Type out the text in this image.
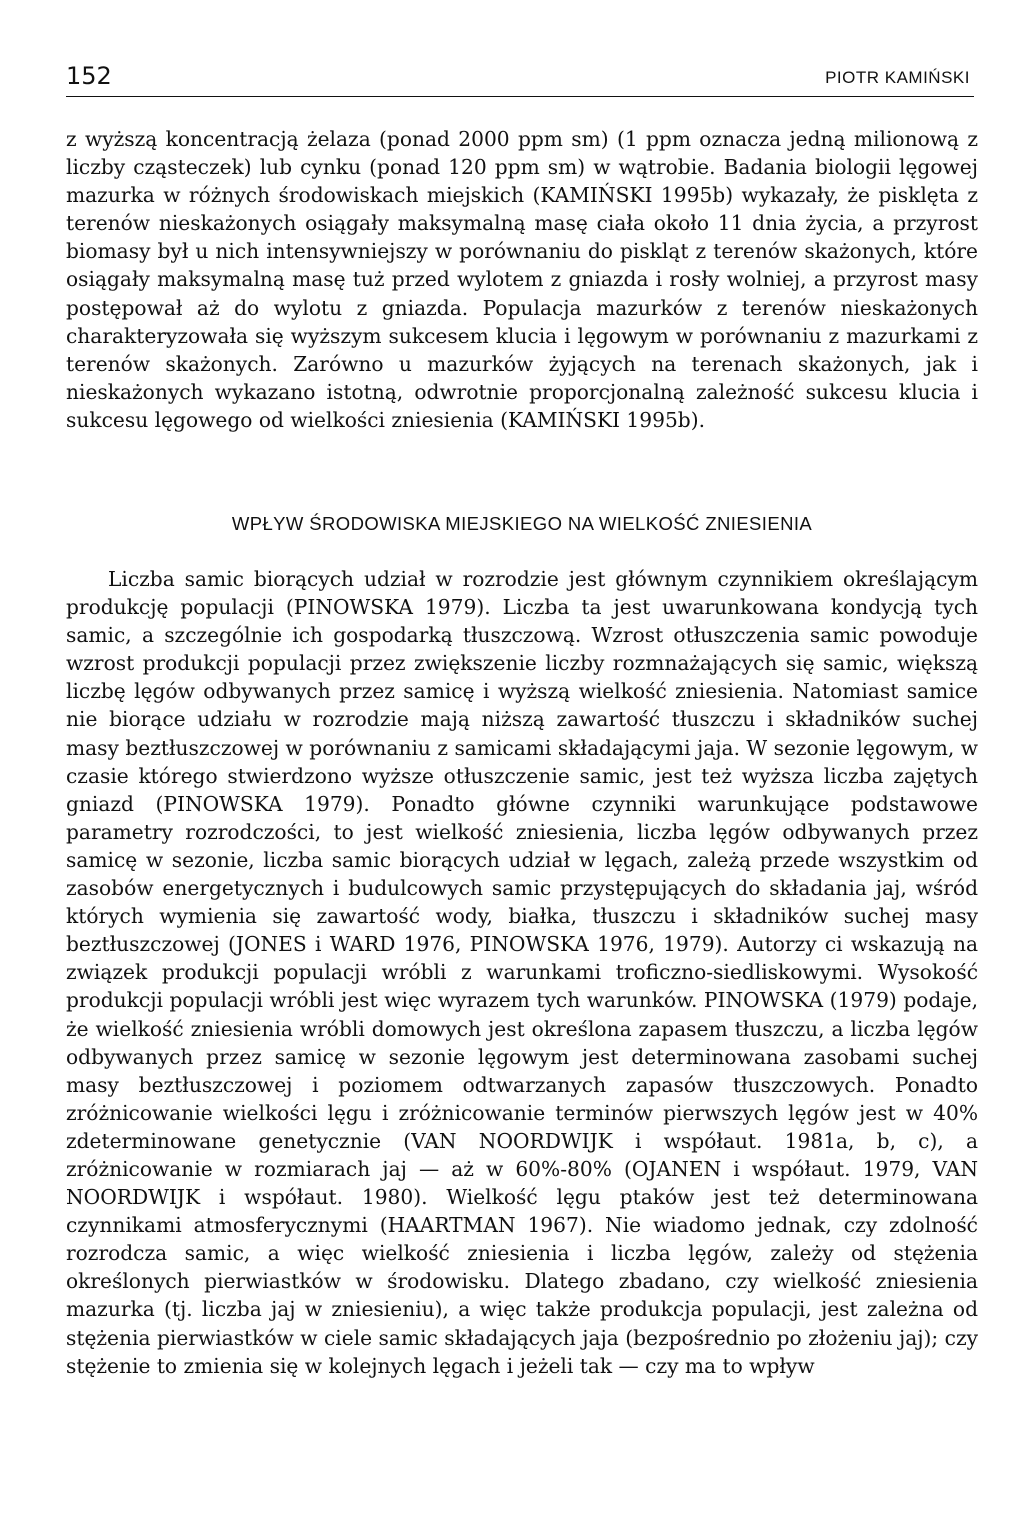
152	PIOTR KAMIŃSKI

z wyższą koncentracją żelaza (ponad 2000 ppm sm) (1 ppm oznacza jedną milionową z liczby cząsteczek) lub cynku (ponad 120 ppm sm) w wątrobie. Badania biologii lęgowej mazurka w różnych środowiskach miejskich (KAMIŃSKI 1995b) wykazały, że pisklęta z terenów nieskażonych osiągały maksymalną masę ciała około 11 dnia życia, a przyrost biomasy był u nich intensywniejszy w porównaniu do piskląt z terenów skażonych, które osiągały maksymalną masę tuż przed wylotem z gniazda i rosły wolniej, a przyrost masy postępował aż do wylotu z gniazda. Populacja mazurków z terenów nieskażonych charakteryzowała się wyższym sukcesem klucia i lęgowym w porównaniu z mazurkami z terenów skażonych. Zarówno u mazurków żyjących na terenach skażonych, jak i nieskażonych wykazano istotną, odwrotnie proporcjonalną zależność sukcesu klucia i sukcesu lęgowego od wielkości zniesienia (KAMIŃSKI 1995b).

WPŁYW ŚRODOWISKA MIEJSKIEGO NA WIELKOŚĆ ZNIESIENIA

Liczba samic biorących udział w rozrodzie jest głównym czynnikiem określającym produkcję populacji (PINOWSKA 1979). Liczba ta jest uwarunkowana kondycją tych samic, a szczególnie ich gospodarką tłuszczową. Wzrost otłuszczenia samic powoduje wzrost produkcji populacji przez zwiększenie liczby rozmnażających się samic, większą liczbę lęgów odbywanych przez samicę i wyższą wielkość zniesienia. Natomiast samice nie biorące udziału w rozrodzie mają niższą zawartość tłuszczu i składników suchej masy beztłuszczowej w porównaniu z samicami składającymi jaja. W sezonie lęgowym, w czasie którego stwierdzono wyższe otłuszczenie samic, jest też wyższa liczba zajętych gniazd (PINOWSKA 1979). Ponadto główne czynniki warunkujące podstawowe parametry rozrodczości, to jest wielkość zniesienia, liczba lęgów odbywanych przez samicę w sezonie, liczba samic biorących udział w lęgach, zależą przede wszystkim od zasobów energetycznych i budulcowych samic przystępujących do składania jaj, wśród których wymienia się zawartość wody, białka, tłuszczu i składników suchej masy beztłuszczowej (JONES i WARD 1976, PINOWSKA 1976, 1979). Autorzy ci wskazują na związek produkcji populacji wróbli z warunkami troficzno-siedliskowymi. Wysokość produkcji populacji wróbli jest więc wyrazem tych warunków. PINOWSKA (1979) podaje, że wielkość zniesienia wróbli domowych jest określona zapasem tłuszczu, a liczba lęgów odbywanych przez samicę w sezonie lęgowym jest determinowana zasobami suchej masy beztłuszczowej i poziomem odtwarzanych zapasów tłuszczowych. Ponadto zróżnicowanie wielkości lęgu i zróżnicowanie terminów pierwszych lęgów jest w 40% zdeterminowane genetycznie (VAN NOORDWIJK i współaut. 1981a, b, c), a zróżnicowanie w rozmiarach jaj — aż w 60%-80% (OJANEN i współaut. 1979, VAN NOORDWIJK i współaut. 1980). Wielkość lęgu ptaków jest też determinowana czynnikami atmosferycznymi (HAARTMAN 1967). Nie wiadomo jednak, czy zdolność rozrodcza samic, a więc wielkość zniesienia i liczba lęgów, zależy od stężenia określonych pierwiastków w środowisku. Dlatego zbadano, czy wielkość zniesienia mazurka (tj. liczba jaj w zniesieniu), a więc także produkcja populacji, jest zależna od stężenia pierwiastków w ciele samic składających jaja (bezpośrednio po złożeniu jaj); czy stężenie to zmienia się w kolejnych lęgach i jeżeli tak — czy ma to wpływ
